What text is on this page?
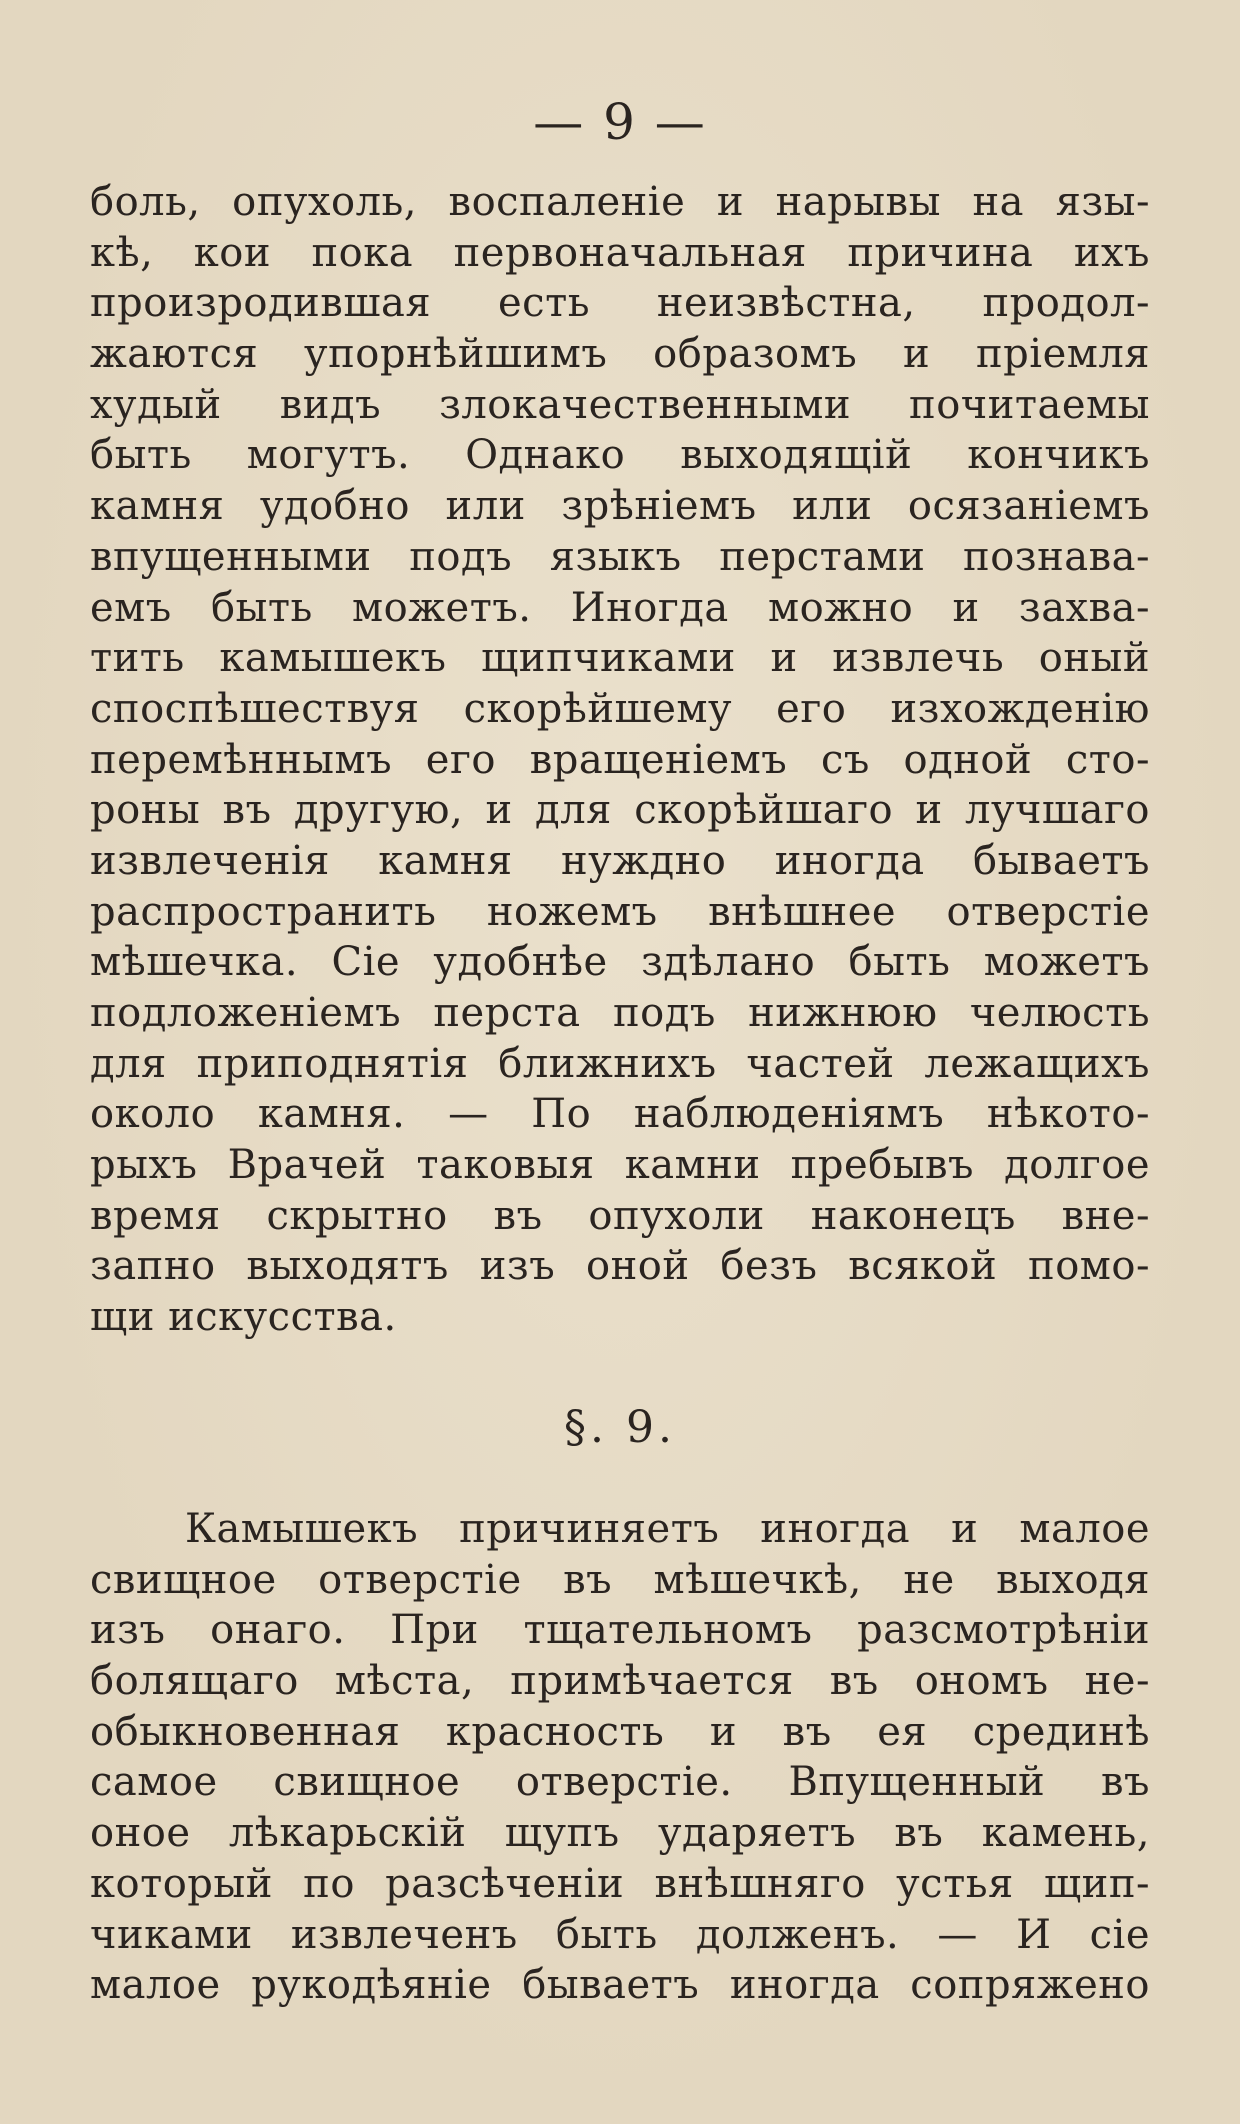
— 9 —
боль, опухоль, воспаленіе и нарывы на язы-
кѣ, кои пока первоначальная причина ихъ
произродившая есть неизвѣстна, продол-
жаются упорнѣйшимъ образомъ и пріемля
худый видъ злокачественными почитаемы
быть могутъ. Однако выходящій кончикъ
камня удобно или зрѣніемъ или осязаніемъ
впущенными подъ языкъ перстами познава-
емъ быть можетъ. Иногда можно и захва-
тить камышекъ щипчиками и извлечь оный
споспѣшествуя скорѣйшему его изхожденію
перемѣннымъ его вращеніемъ съ одной сто-
роны въ другую, и для скорѣйшаго и лучшаго
извлеченія камня нуждно иногда бываетъ
распространить ножемъ внѣшнее отверстіе
мѣшечка. Сіе удобнѣе здѣлано быть можетъ
подложеніемъ перста подъ нижнюю челюсть
для приподнятія ближнихъ частей лежащихъ
около камня. — По наблюденіямъ нѣкото-
рыхъ Врачей таковыя камни пребывъ долгое
время скрытно въ опухоли наконецъ вне-
запно выходятъ изъ оной безъ всякой помо-
щи искусства.
§. 9.
Камышекъ причиняетъ иногда и малое
свищное отверстіе въ мѣшечкѣ, не выходя
изъ онаго. При тщательномъ разсмотрѣніи
болящаго мѣста, примѣчается въ ономъ не-
обыкновенная красность и въ ея срединѣ
самое свищное отверстіе. Впущенный въ
оное лѣкарьскій щупъ ударяетъ въ камень,
который по разсѣченіи внѣшняго устья щип-
чиками извлеченъ быть долженъ. — И сіе
малое рукодѣяніе бываетъ иногда сопряжено
